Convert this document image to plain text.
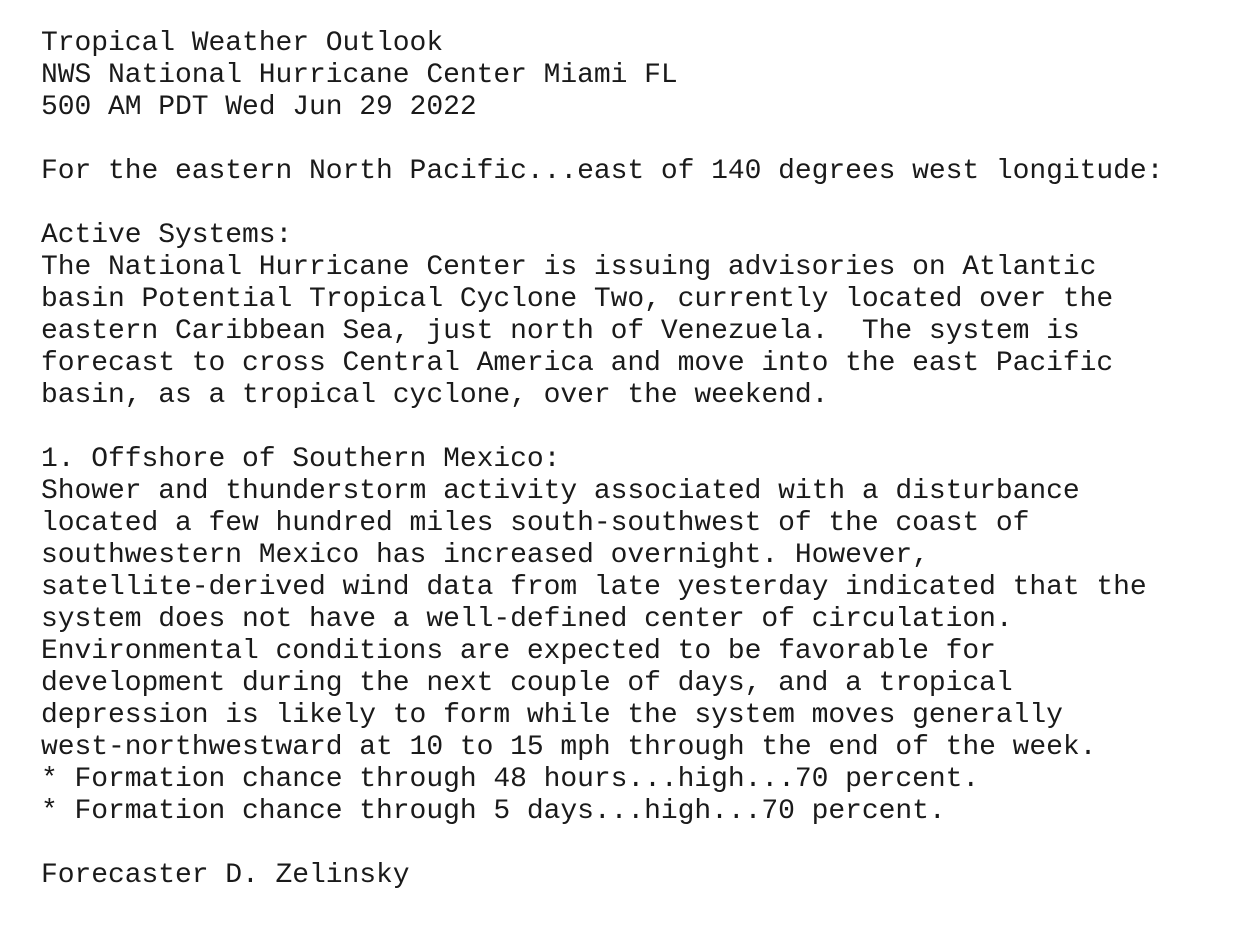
Tropical Weather Outlook
NWS National Hurricane Center Miami FL
500 AM PDT Wed Jun 29 2022
For the eastern North Pacific...east of 140 degrees west longitude:
Active Systems:
The National Hurricane Center is issuing advisories on Atlantic
basin Potential Tropical Cyclone Two, currently located over the
eastern Caribbean Sea, just north of Venezuela.  The system is
forecast to cross Central America and move into the east Pacific
basin, as a tropical cyclone, over the weekend.
1. Offshore of Southern Mexico:
Shower and thunderstorm activity associated with a disturbance
located a few hundred miles south-southwest of the coast of
southwestern Mexico has increased overnight. However,
satellite-derived wind data from late yesterday indicated that the
system does not have a well-defined center of circulation.
Environmental conditions are expected to be favorable for
development during the next couple of days, and a tropical
depression is likely to form while the system moves generally
west-northwestward at 10 to 15 mph through the end of the week.
* Formation chance through 48 hours...high...70 percent.
* Formation chance through 5 days...high...70 percent.
Forecaster D. Zelinsky
